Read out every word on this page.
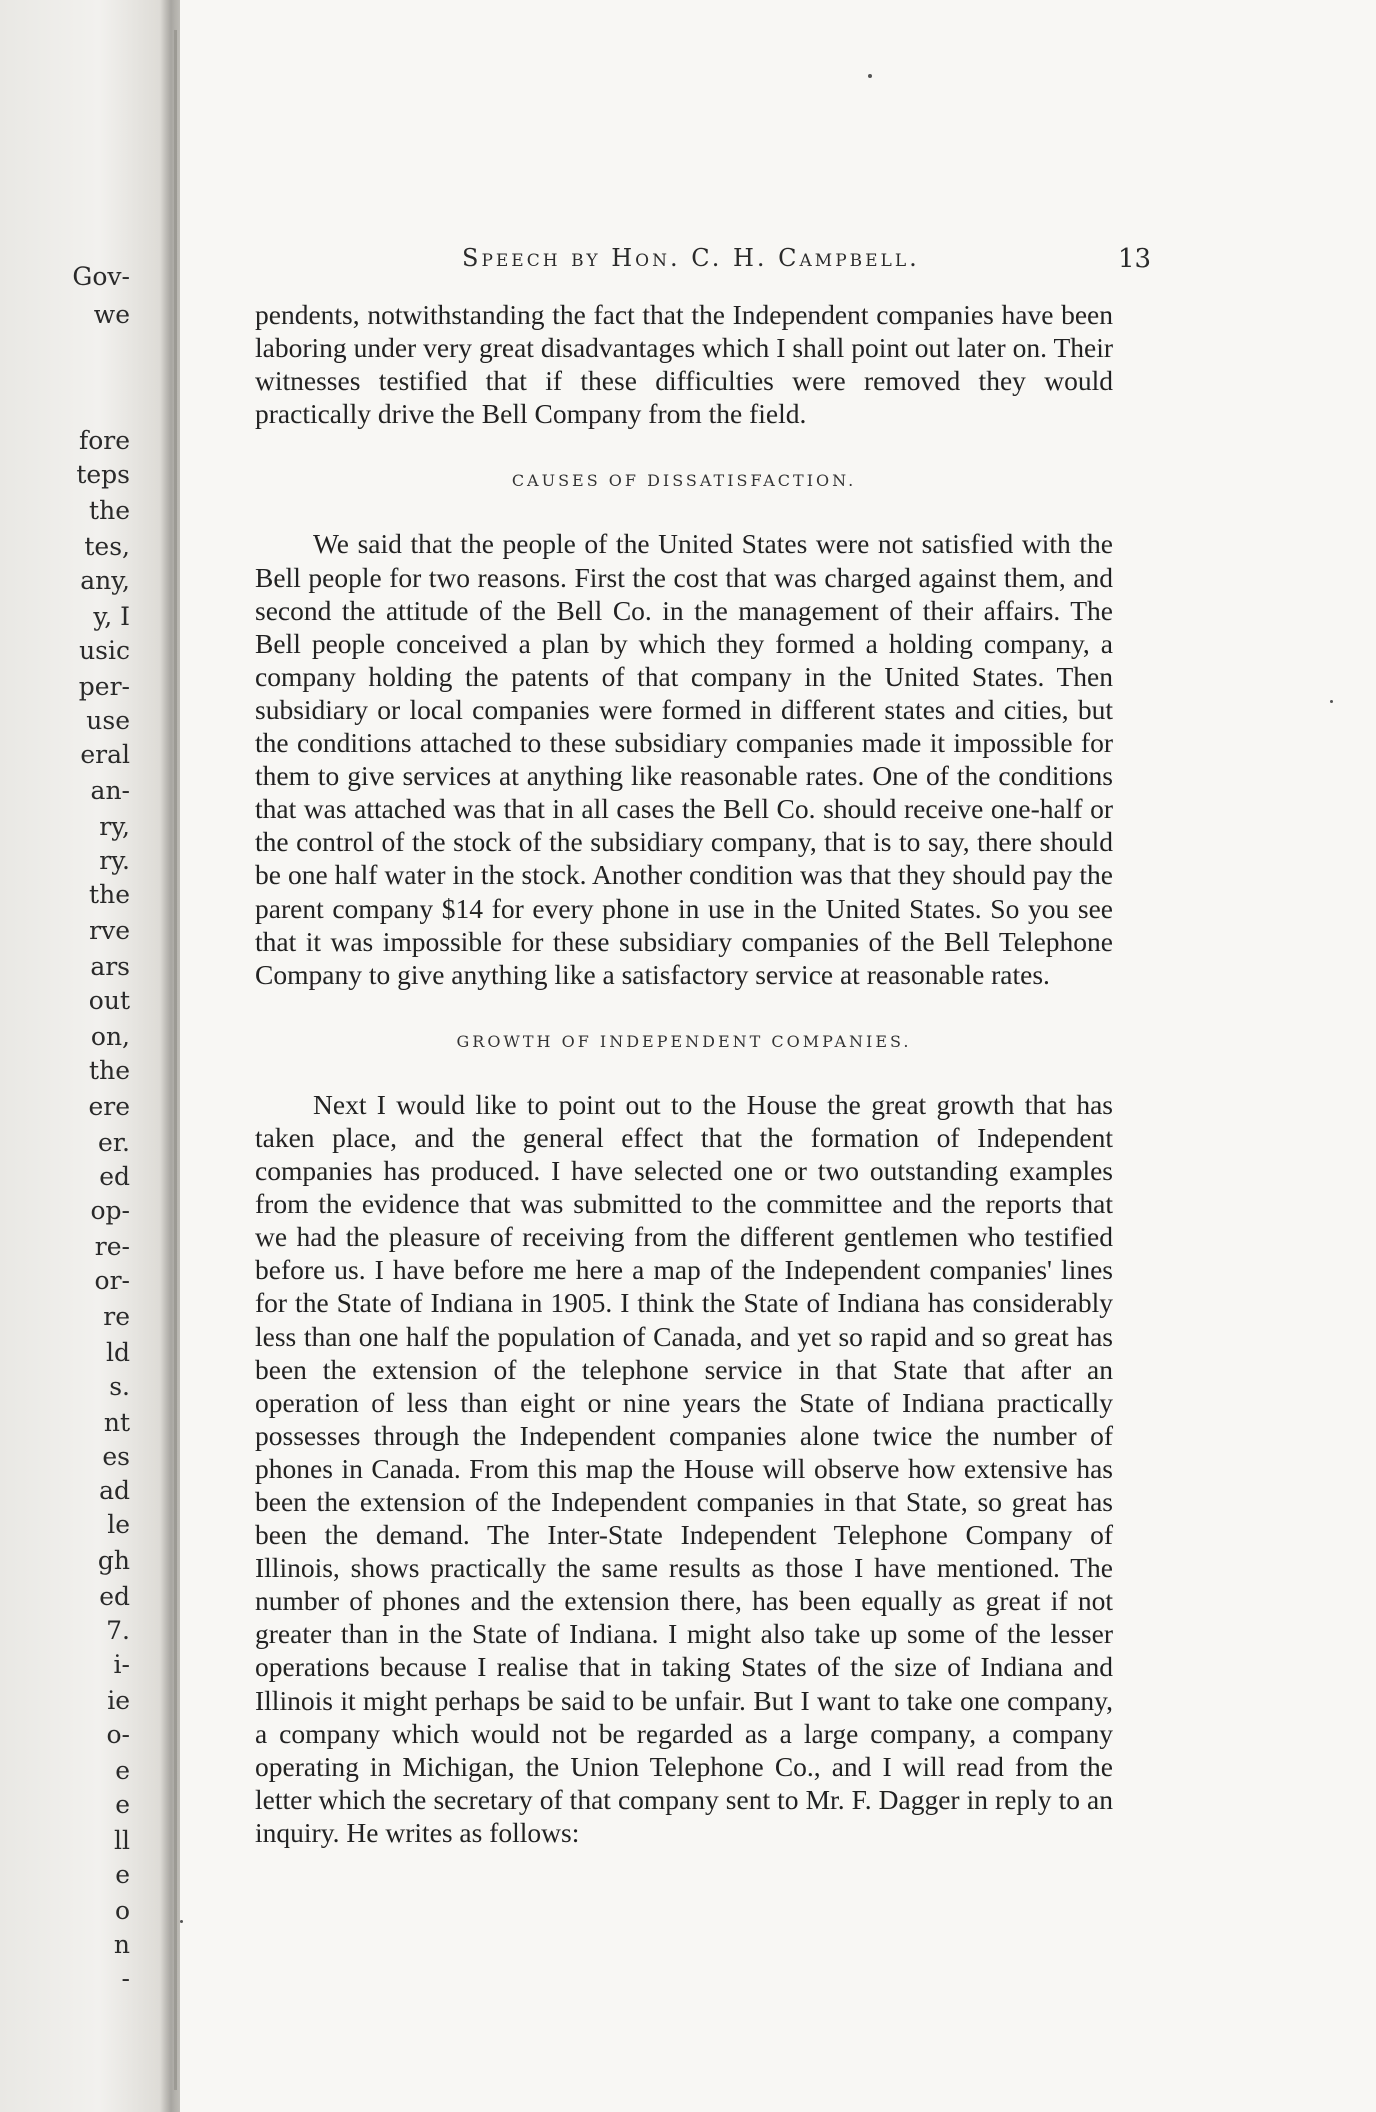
Gov-
we
fore
teps
the
tes,
any,
y, I
usic
per-
use
eral
an-
ry,
ry.
the
rve
ars
out
on,
the
ere
er.
ed
op-
re-
or-
re
ld
s.
nt
es
ad
le
gh
ed
7.
i-
ie
o-
e
e
ll
e
o
n
-
Speech by Hon. C. H. Campbell.	13

pendents, notwithstanding the fact that the Independent companies have been laboring under very great disadvantages which I shall point out later on. Their witnesses testified that if these difficulties were removed they would practically drive the Bell Company from the field.

CAUSES OF DISSATISFACTION.

We said that the people of the United States were not satisfied with the Bell people for two reasons. First the cost that was charged against them, and second the attitude of the Bell Co. in the management of their affairs. The Bell people conceived a plan by which they formed a holding company, a company holding the patents of that company in the United States. Then subsidiary or local companies were formed in different states and cities, but the conditions attached to these subsidiary companies made it impossible for them to give services at anything like reasonable rates. One of the conditions that was attached was that in all cases the Bell Co. should receive one-half or the control of the stock of the subsidiary company, that is to say, there should be one half water in the stock. Another condition was that they should pay the parent company $14 for every phone in use in the United States. So you see that it was impossible for these subsidiary companies of the Bell Telephone Company to give anything like a satisfactory service at reasonable rates.

GROWTH OF INDEPENDENT COMPANIES.

Next I would like to point out to the House the great growth that has taken place, and the general effect that the formation of Independent companies has produced. I have selected one or two outstanding examples from the evidence that was submitted to the committee and the reports that we had the pleasure of receiving from the different gentlemen who testified before us. I have before me here a map of the Independent companies' lines for the State of Indiana in 1905. I think the State of Indiana has considerably less than one half the population of Canada, and yet so rapid and so great has been the extension of the telephone service in that State that after an operation of less than eight or nine years the State of Indiana practically possesses through the Independent companies alone twice the number of phones in Canada. From this map the House will observe how extensive has been the extension of the Independent companies in that State, so great has been the demand. The Inter-State Independent Telephone Company of Illinois, shows practically the same results as those I have mentioned. The number of phones and the extension there, has been equally as great if not greater than in the State of Indiana. I might also take up some of the lesser operations because I realise that in taking States of the size of Indiana and Illinois it might perhaps be said to be unfair. But I want to take one company, a company which would not be regarded as a large company, a company operating in Michigan, the Union Telephone Co., and I will read from the letter which the secretary of that company sent to Mr. F. Dagger in reply to an inquiry. He writes as follows:
